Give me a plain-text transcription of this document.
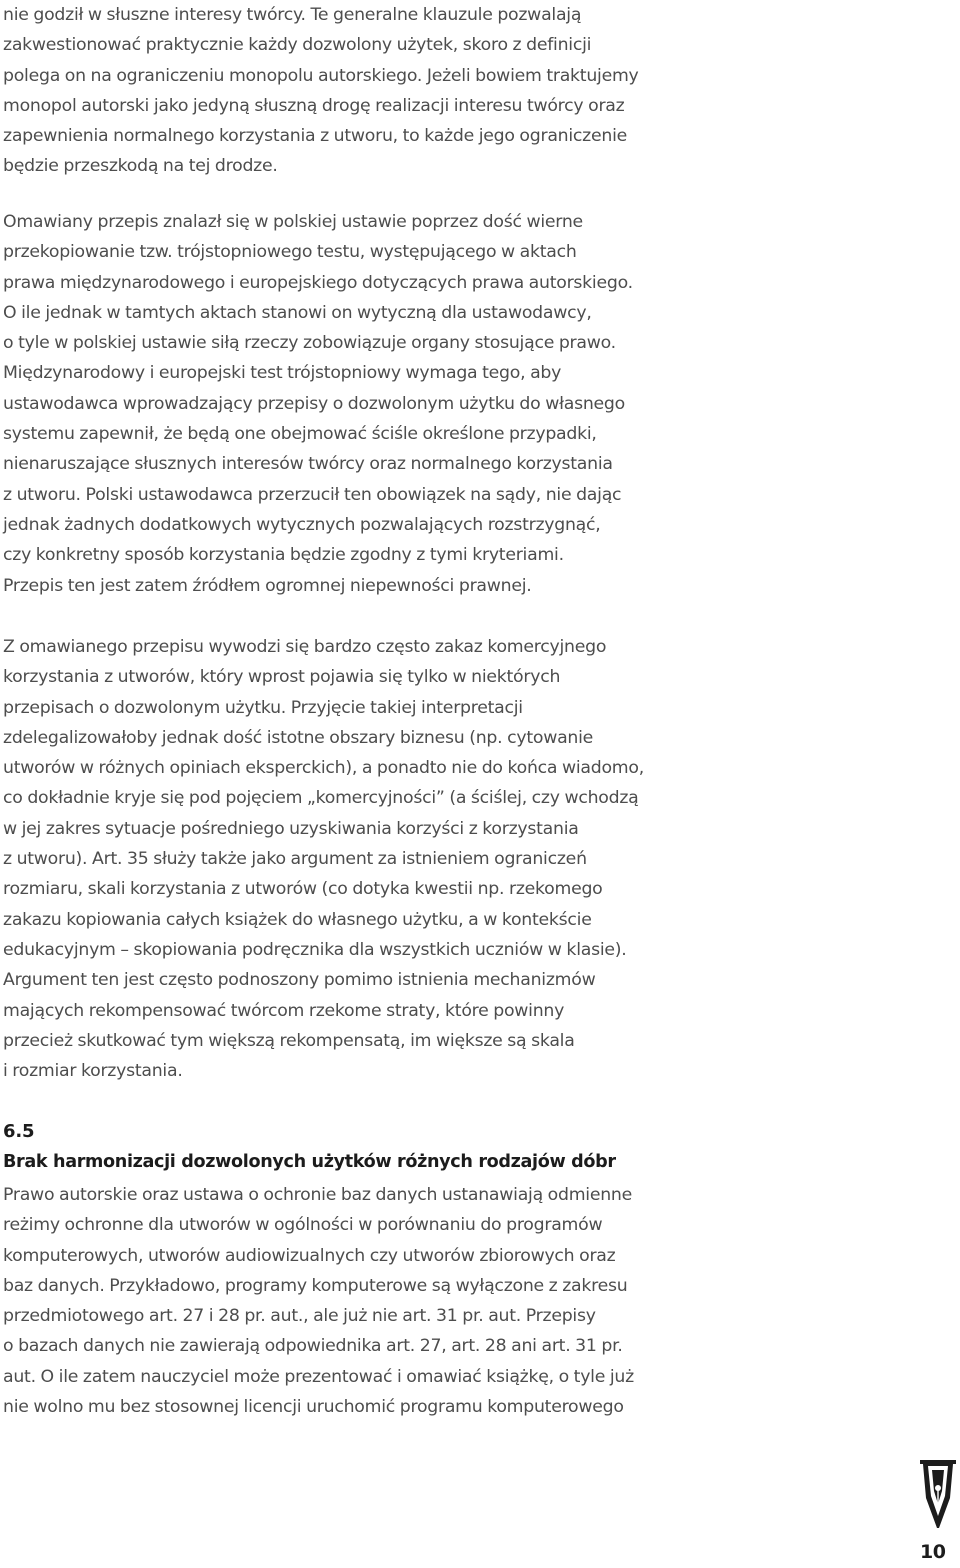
nie godził w słuszne interesy twórcy. Te generalne klauzule pozwalają
zakwestionować praktycznie każdy dozwolony użytek, skoro z definicji
polega on na ograniczeniu monopolu autorskiego. Jeżeli bowiem traktujemy
monopol autorski jako jedyną słuszną drogę realizacji interesu twórcy oraz
zapewnienia normalnego korzystania z utworu, to każde jego ograniczenie
będzie przeszkodą na tej drodze.

Omawiany przepis znalazł się w polskiej ustawie poprzez dość wierne
przekopiowanie tzw. trójstopniowego testu, występującego w aktach
prawa międzynarodowego i europejskiego dotyczących prawa autorskiego.
O ile jednak w tamtych aktach stanowi on wytyczną dla ustawodawcy,
o tyle w polskiej ustawie siłą rzeczy zobowiązuje organy stosujące prawo.
Międzynarodowy i europejski test trójstopniowy wymaga tego, aby
ustawodawca wprowadzający przepisy o dozwolonym użytku do własnego
systemu zapewnił, że będą one obejmować ściśle określone przypadki,
nienaruszające słusznych interesów twórcy oraz normalnego korzystania
z utworu. Polski ustawodawca przerzucił ten obowiązek na sądy, nie dając
jednak żadnych dodatkowych wytycznych pozwalających rozstrzygnąć,
czy konkretny sposób korzystania będzie zgodny z tymi kryteriami.
Przepis ten jest zatem źródłem ogromnej niepewności prawnej.

Z omawianego przepisu wywodzi się bardzo często zakaz komercyjnego
korzystania z utworów, który wprost pojawia się tylko w niektórych
przepisach o dozwolonym użytku. Przyjęcie takiej interpretacji
zdelegalizowałoby jednak dość istotne obszary biznesu (np. cytowanie
utworów w różnych opiniach eksperckich), a ponadto nie do końca wiadomo,
co dokładnie kryje się pod pojęciem „komercyjności” (a ściślej, czy wchodzą
w jej zakres sytuacje pośredniego uzyskiwania korzyści z korzystania
z utworu). Art. 35 służy także jako argument za istnieniem ograniczeń
rozmiaru, skali korzystania z utworów (co dotyka kwestii np. rzekomego
zakazu kopiowania całych książek do własnego użytku, a w kontekście
edukacyjnym – skopiowania podręcznika dla wszystkich uczniów w klasie).
Argument ten jest często podnoszony pomimo istnienia mechanizmów
mających rekompensować twórcom rzekome straty, które powinny
przecież skutkować tym większą rekompensatą, im większe są skala
i rozmiar korzystania.

6.5
Brak harmonizacji dozwolonych użytków różnych rodzajów dóbr

Prawo autorskie oraz ustawa o ochronie baz danych ustanawiają odmienne
reżimy ochronne dla utworów w ogólności w porównaniu do programów
komputerowych, utworów audiowizualnych czy utworów zbiorowych oraz
baz danych. Przykładowo, programy komputerowe są wyłączone z zakresu
przedmiotowego art. 27 i 28 pr. aut., ale już nie art. 31 pr. aut. Przepisy
o bazach danych nie zawierają odpowiednika art. 27, art. 28 ani art. 31 pr.
aut. O ile zatem nauczyciel może prezentować i omawiać książkę, o tyle już
nie wolno mu bez stosownej licencji uruchomić programu komputerowego

10
